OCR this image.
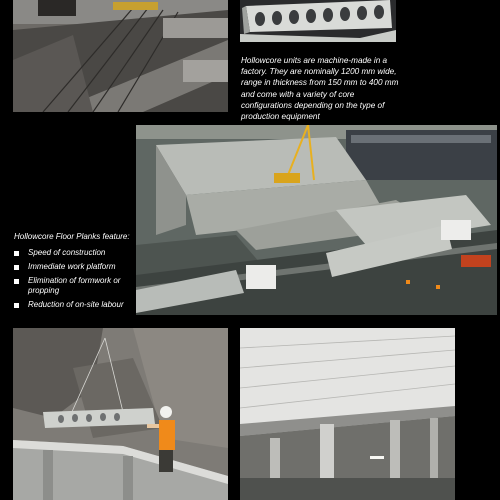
Hollowcore units are machine-made in a factory. They are nominally 1200 mm wide, range in thickness from 150 mm to 400 mm and come with a variety of core configurations depending on the type of production equipment
Hollowcore Floor Planks feature:
Speed of construction
Immediate work platform
Elimination of formwork or propping
Reduction of on-site labour
